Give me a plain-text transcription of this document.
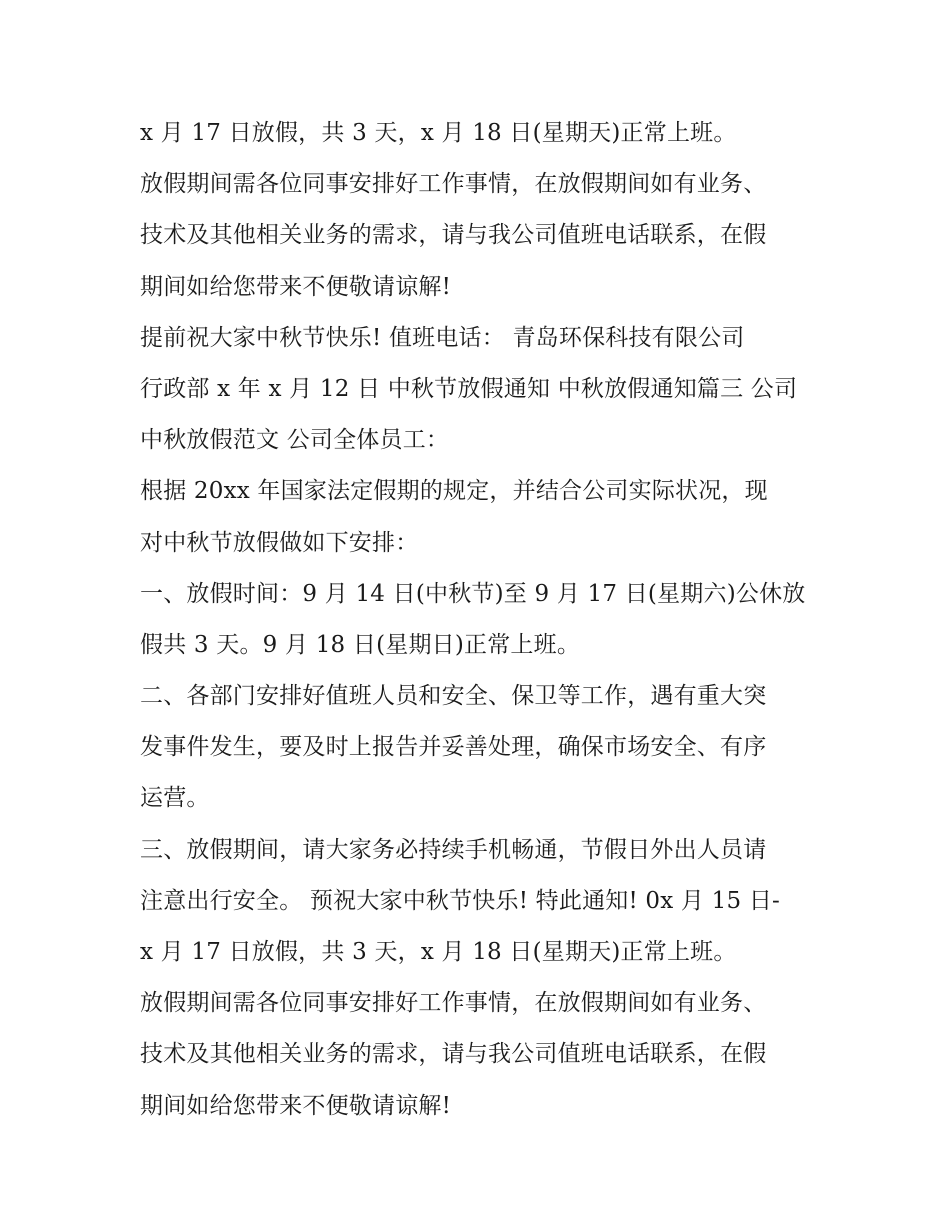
x 月 17 日放假，共 3 天，x 月 18 日(星期天)正常上班。
放假期间需各位同事安排好工作事情，在放假期间如有业务、
技术及其他相关业务的需求，请与我公司值班电话联系，在假
期间如给您带来不便敬请谅解!
提前祝大家中秋节快乐! 值班电话： 青岛环保科技有限公司
行政部 x 年 x 月 12 日 中秋节放假通知 中秋放假通知篇三 公司
中秋放假范文 公司全体员工：
根据 20xx 年国家法定假期的规定，并结合公司实际状况，现
对中秋节放假做如下安排：
一、放假时间：9 月 14 日(中秋节)至 9 月 17 日(星期六)公休放
假共 3 天。9 月 18 日(星期日)正常上班。
二、各部门安排好值班人员和安全、保卫等工作，遇有重大突
发事件发生，要及时上报告并妥善处理，确保市场安全、有序
运营。
三、放假期间，请大家务必持续手机畅通，节假日外出人员请
注意出行安全。 预祝大家中秋节快乐! 特此通知! 0x 月 15 日-
x 月 17 日放假，共 3 天，x 月 18 日(星期天)正常上班。
放假期间需各位同事安排好工作事情，在放假期间如有业务、
技术及其他相关业务的需求，请与我公司值班电话联系，在假
期间如给您带来不便敬请谅解!
